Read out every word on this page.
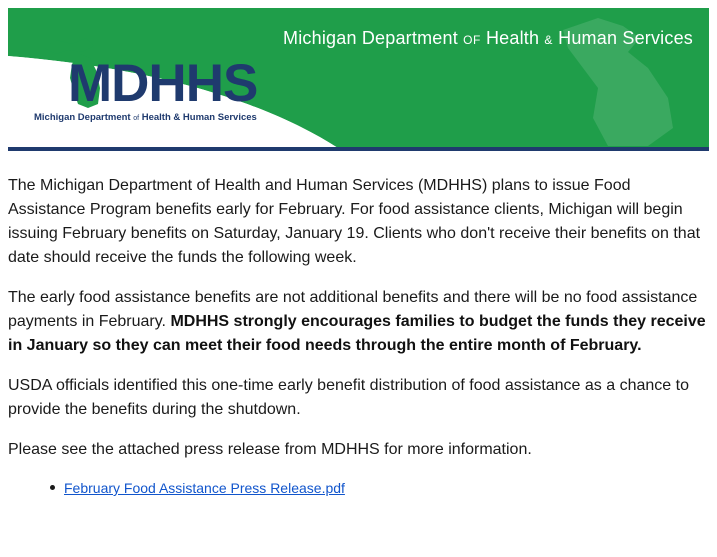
Michigan Department OF Health & Human Services
MDHHS
Michigan Department of Health & Human Services

The Michigan Department of Health and Human Services (MDHHS) plans to issue Food Assistance Program benefits early for February. For food assistance clients, Michigan will begin issuing February benefits on Saturday, January 19. Clients who don't receive their benefits on that date should receive the funds the following week.

The early food assistance benefits are not additional benefits and there will be no food assistance payments in February. MDHHS strongly encourages families to budget the funds they receive in January so they can meet their food needs through the entire month of February.

USDA officials identified this one-time early benefit distribution of food assistance as a chance to provide the benefits during the shutdown.

Please see the attached press release from MDHHS for more information.

February Food Assistance Press Release.pdf
